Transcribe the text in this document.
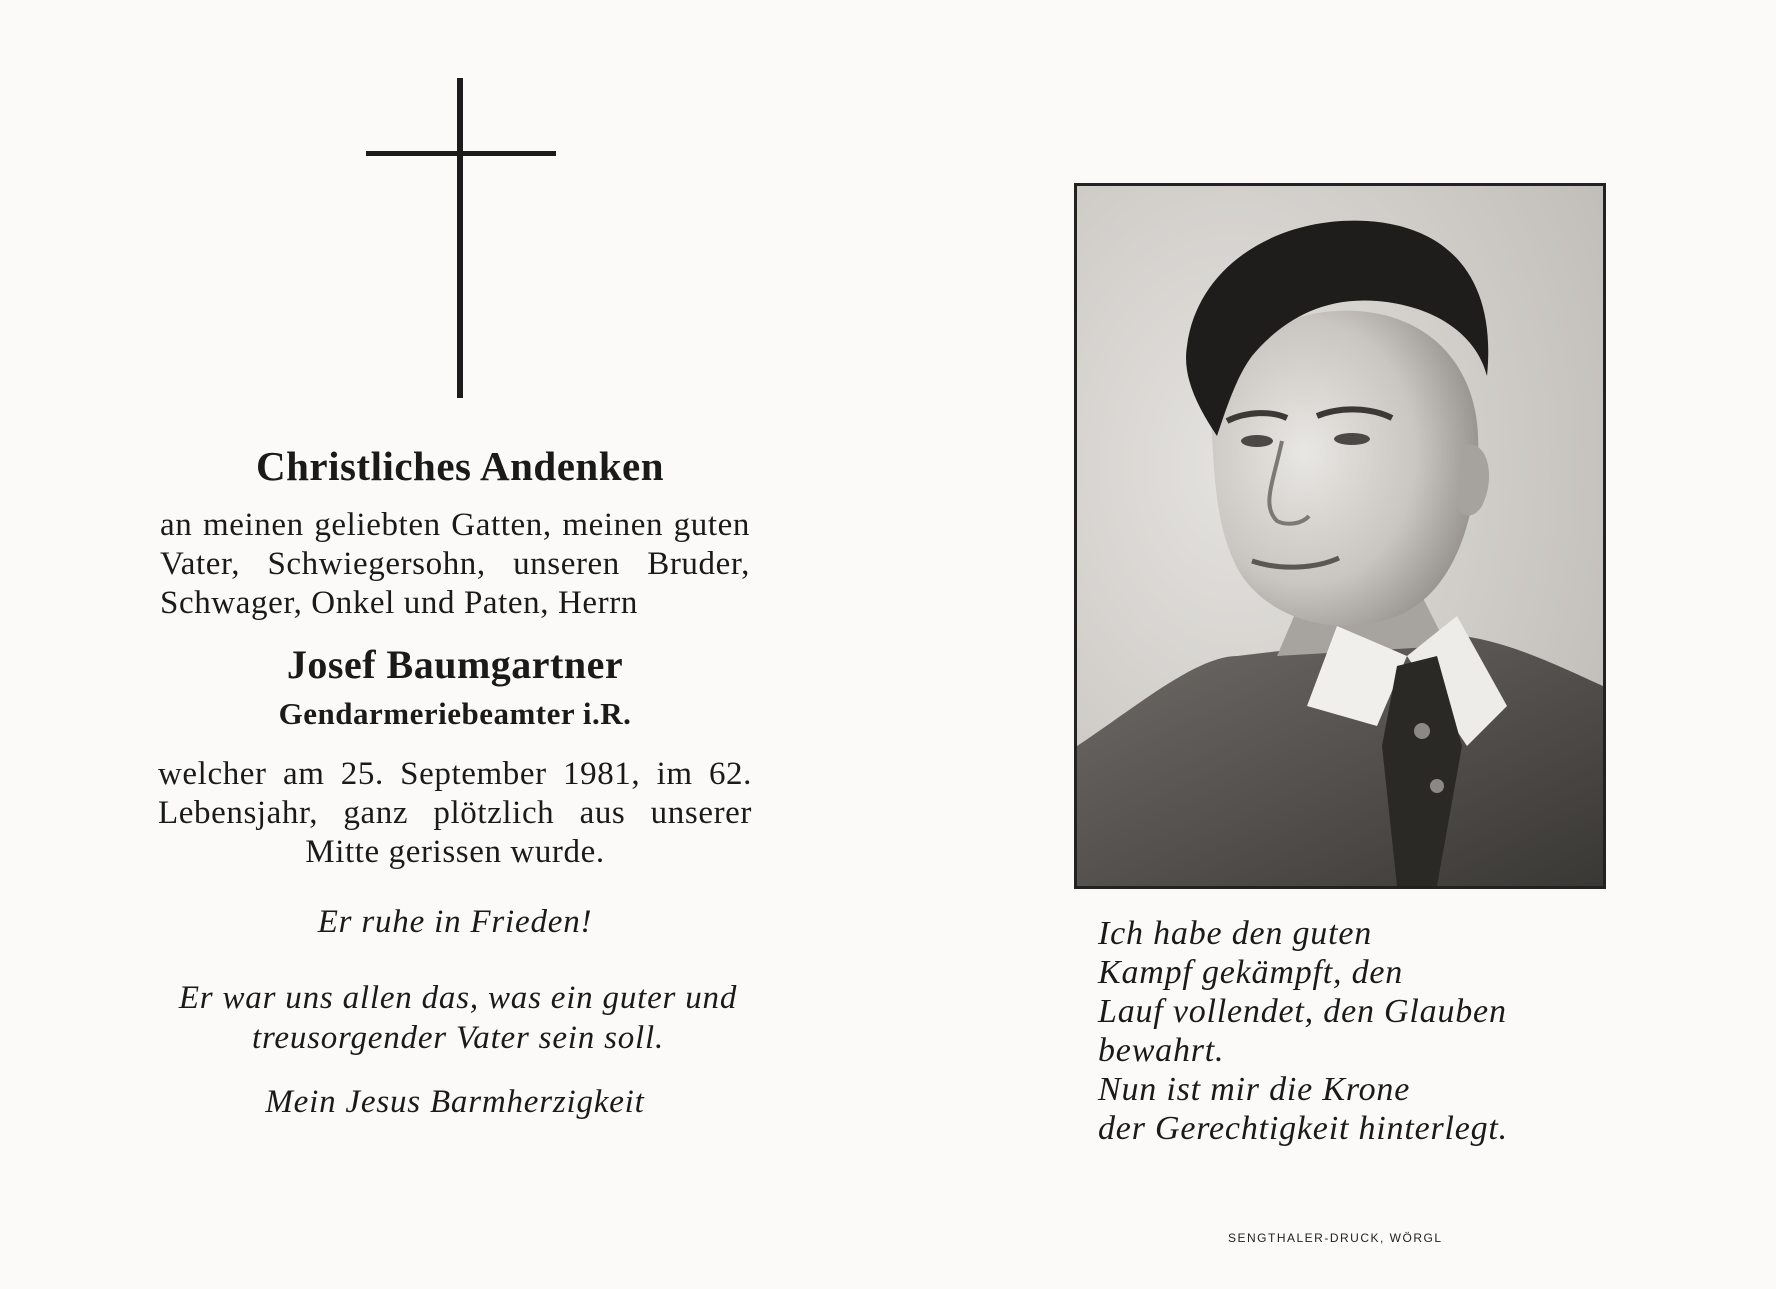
Christliches Andenken

an meinen geliebten Gatten, meinen guten Vater, Schwiegersohn, unseren Bruder, Schwager, Onkel und Paten, Herrn

Josef Baumgartner

Gendarmeriebeamter i.R.

welcher am 25. September 1981, im 62. Lebensjahr, ganz plötzlich aus unserer Mitte gerissen wurde.

Er ruhe in Frieden!

Er war uns allen das, was ein guter und treusorgender Vater sein soll.

Mein Jesus Barmherzigkeit

Ich habe den guten
Kampf gekämpft, den
Lauf vollendet, den Glauben
bewahrt.
Nun ist mir die Krone
der Gerechtigkeit hinterlegt.
SENGTHALER-DRUCK, WÖRGL
